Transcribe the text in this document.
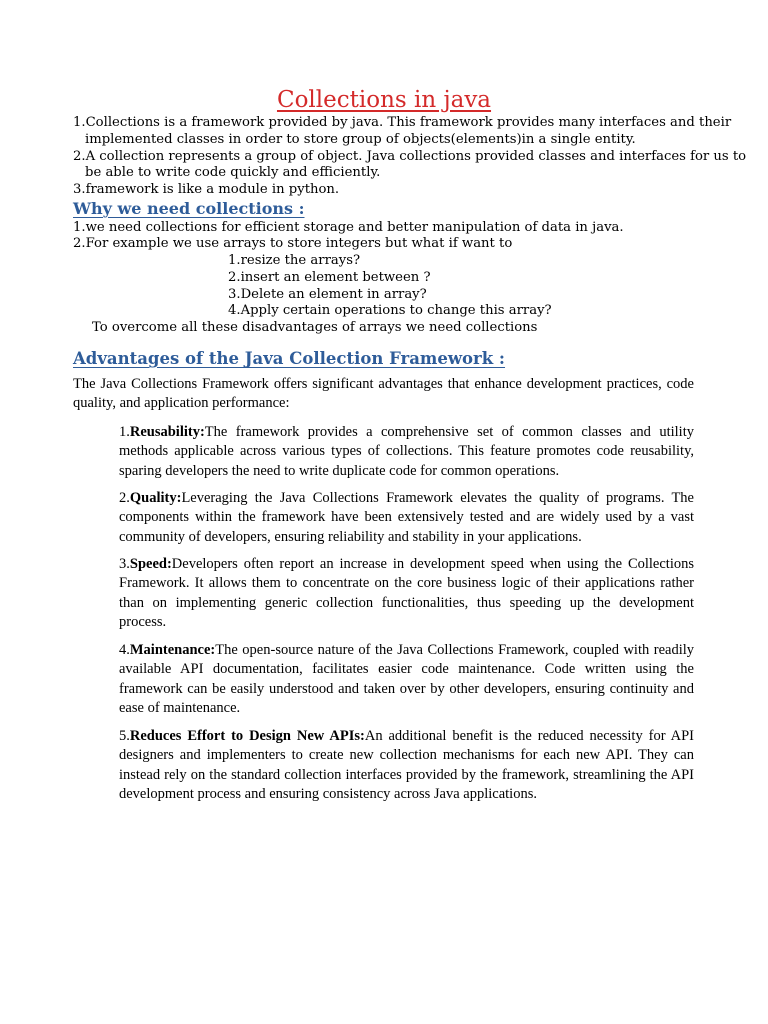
Collections in java
1.Collections is a framework provided by java. This framework provides many interfaces and their
implemented classes in order to store group of objects(elements)in a single entity.
2.A collection represents a group of object. Java collections provided classes and interfaces for us to
be able to write code quickly and efficiently.
3.framework is like a module in python.
Why we need collections :
1.we need collections for efficient storage and better manipulation of data in java.
2.For example we use arrays to store integers but what if want to
1.resize the arrays?
2.insert an element between ?
3.Delete an element in array?
4.Apply certain operations to change this array?
To overcome all these disadvantages of arrays we need collections
Advantages of the Java Collection Framework :
The Java Collections Framework offers significant advantages that enhance development practices, code quality, and application performance:
1.Reusability:The framework provides a comprehensive set of common classes and utility methods applicable across various types of collections. This feature promotes code reusability, sparing developers the need to write duplicate code for common operations.
2.Quality:Leveraging the Java Collections Framework elevates the quality of programs. The components within the framework have been extensively tested and are widely used by a vast community of developers, ensuring reliability and stability in your applications.
3.Speed:Developers often report an increase in development speed when using the Collections Framework. It allows them to concentrate on the core business logic of their applications rather than on implementing generic collection functionalities, thus speeding up the development process.
4.Maintenance:The open-source nature of the Java Collections Framework, coupled with readily available API documentation, facilitates easier code maintenance. Code written using the framework can be easily understood and taken over by other developers, ensuring continuity and ease of maintenance.
5.Reduces Effort to Design New APIs:An additional benefit is the reduced necessity for API designers and implementers to create new collection mechanisms for each new API. They can instead rely on the standard collection interfaces provided by the framework, streamlining the API development process and ensuring consistency across Java applications.
